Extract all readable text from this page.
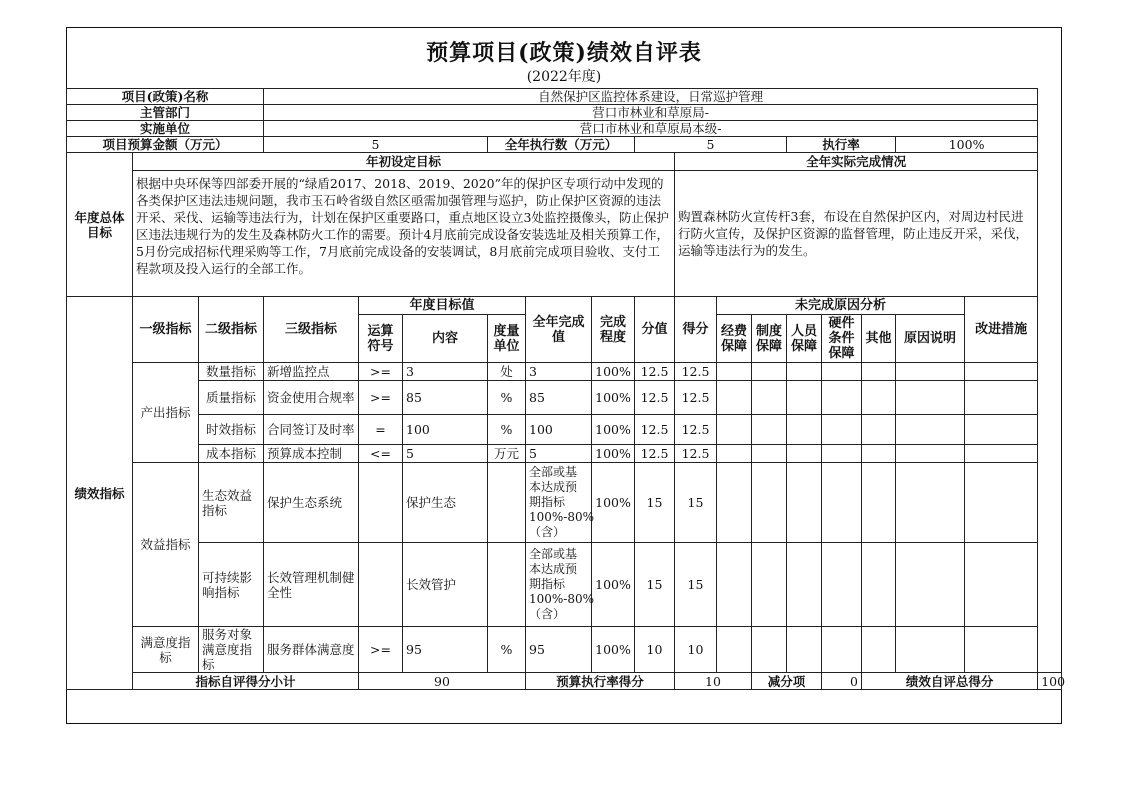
预算项目(政策)绩效自评表
(2022年度)
项目(政策)名称			自然保护区监控体系建设，日常巡护管理															
主管部门			营口市林业和草原局-															
实施单位			营口市林业和草原局本级-															
项目预算金额（万元）			5			全年执行数（万元）			5				执行率			100%		
年度总体目标	年初设定目标									全年实际完成情况								
	根据中央环保等四部委开展的“绿盾2017、2018、2019、2020”年的保护区专项行动中发现的各类保护区违法违规问题，我市玉石岭省级自然区亟需加强管理与巡护，防止保护区资源的违法开采、采伐、运输等违法行为，计划在保护区重要路口，重点地区设立3处监控摄像头，防止保护区违法违规行为的发生及森林防火工作的需要。预计4月底前完成设备安装选址及相关预算工作，5月份完成招标代理采购等工作，7月底前完成设备的安装调试，8月底前完成项目验收、支付工程款项及投入运行的全部工作。									购置森林防火宣传杆3套，布设在自然保护区内，对周边村民进行防火宣传，及保护区资源的监督管理，防止违反开采，采伐，运输等违法行为的发生。								
绩效指标	一级指标	二级指标	三级指标	年度目标值			全年完成值	完成程度	分值	得分	未完成原因分析						改进措施	
				运算符号	内容	度量单位					经费保障	制度保障	人员保障	硬件条件保障	其他	原因说明		

	产出指标	数量指标	新增监控点	>=	3	处	3	100%	12.5	12.5								
		质量指标	资金使用合规率	>=	85	%	85	100%	12.5	12.5								
		时效指标	合同签订及时率	=	100	%	100	100%	12.5	12.5								
		成本指标	预算成本控制	<=	5	万元	5	100%	12.5	12.5								
	效益指标	生态效益指标	保护生态系统		保护生态		全部或基本达成预期指标100%-80%（含）	100%	15	15								
		可持续影响指标	长效管理机制健全性		长效管护		全部或基本达成预期指标100%-80%（含）	100%	15	15								
	满意度指标	服务对象满意度指标	服务群体满意度	>=	95	%	95	100%	10	10								
	指标自评得分小计			90			预算执行率得分			10		减分项		0	绩效自评总得分			100
